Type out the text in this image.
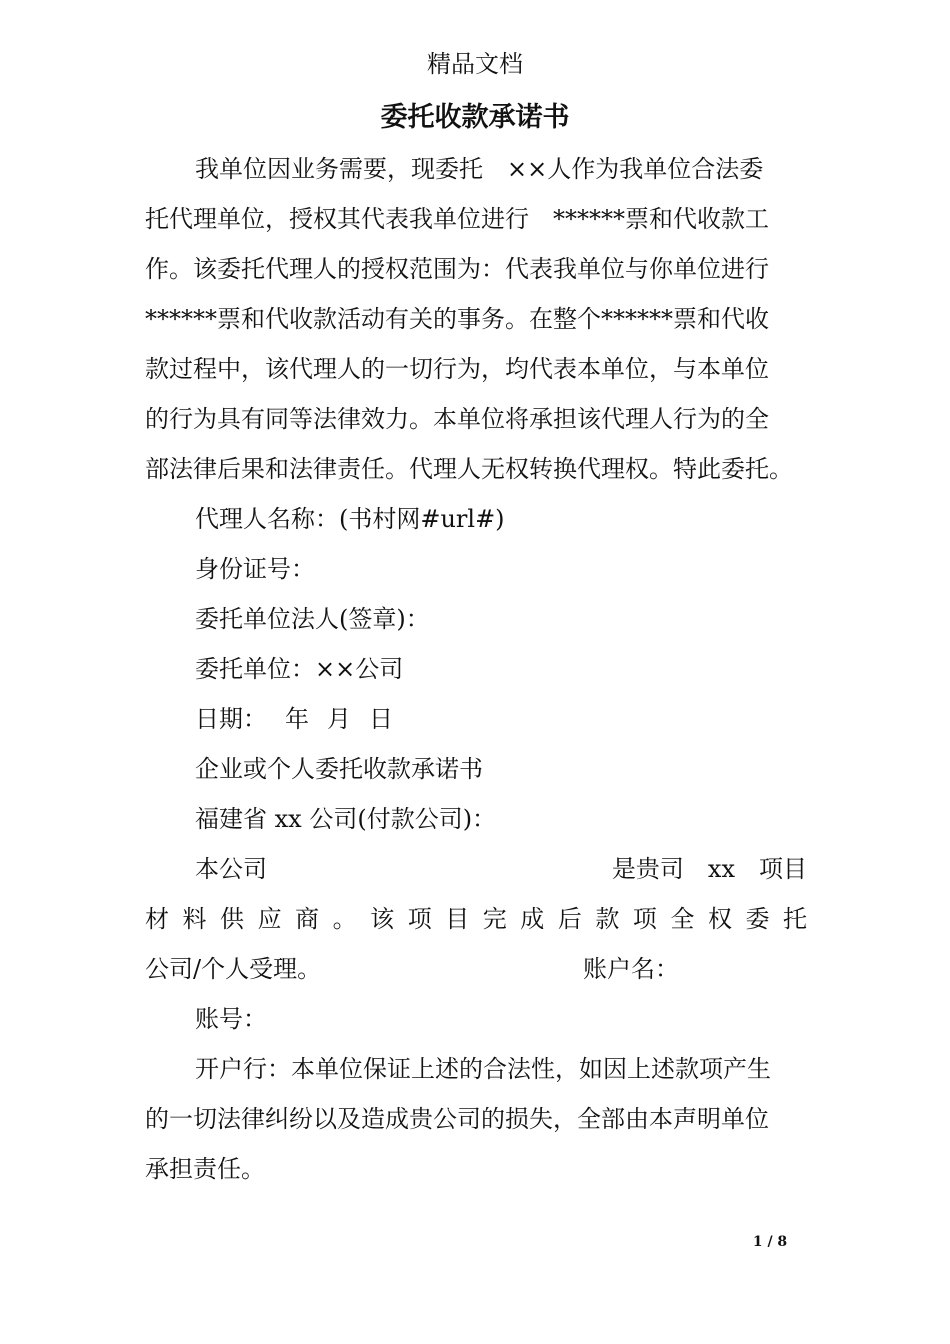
精品文档
委托收款承诺书

我单位因业务需要，现委托　××人作为我单位合法委

托代理单位，授权其代表我单位进行　******票和代收款工

作。该委托代理人的授权范围为：代表我单位与你单位进行

******票和代收款活动有关的事务。在整个******票和代收

款过程中，该代理人的一切行为，均代表本单位，与本单位

的行为具有同等法律效力。本单位将承担该代理人行为的全

部法律后果和法律责任。代理人无权转换代理权。特此委托。

代理人名称：(书村网#url#)

身份证号：

委托单位法人(签章)：

委托单位：××公司

日期： 年 月 日

企业或个人委托收款承诺书

福建省 xx 公司(付款公司)：

本公司	是贵司　xx　项目

材料供应商。该项目完成后款项全权委托

公司/个人受理。	账户名：

账号：

开户行：本单位保证上述的合法性，如因上述款项产生

的一切法律纠纷以及造成贵公司的损失，全部由本声明单位

承担责任。

1 / 8
